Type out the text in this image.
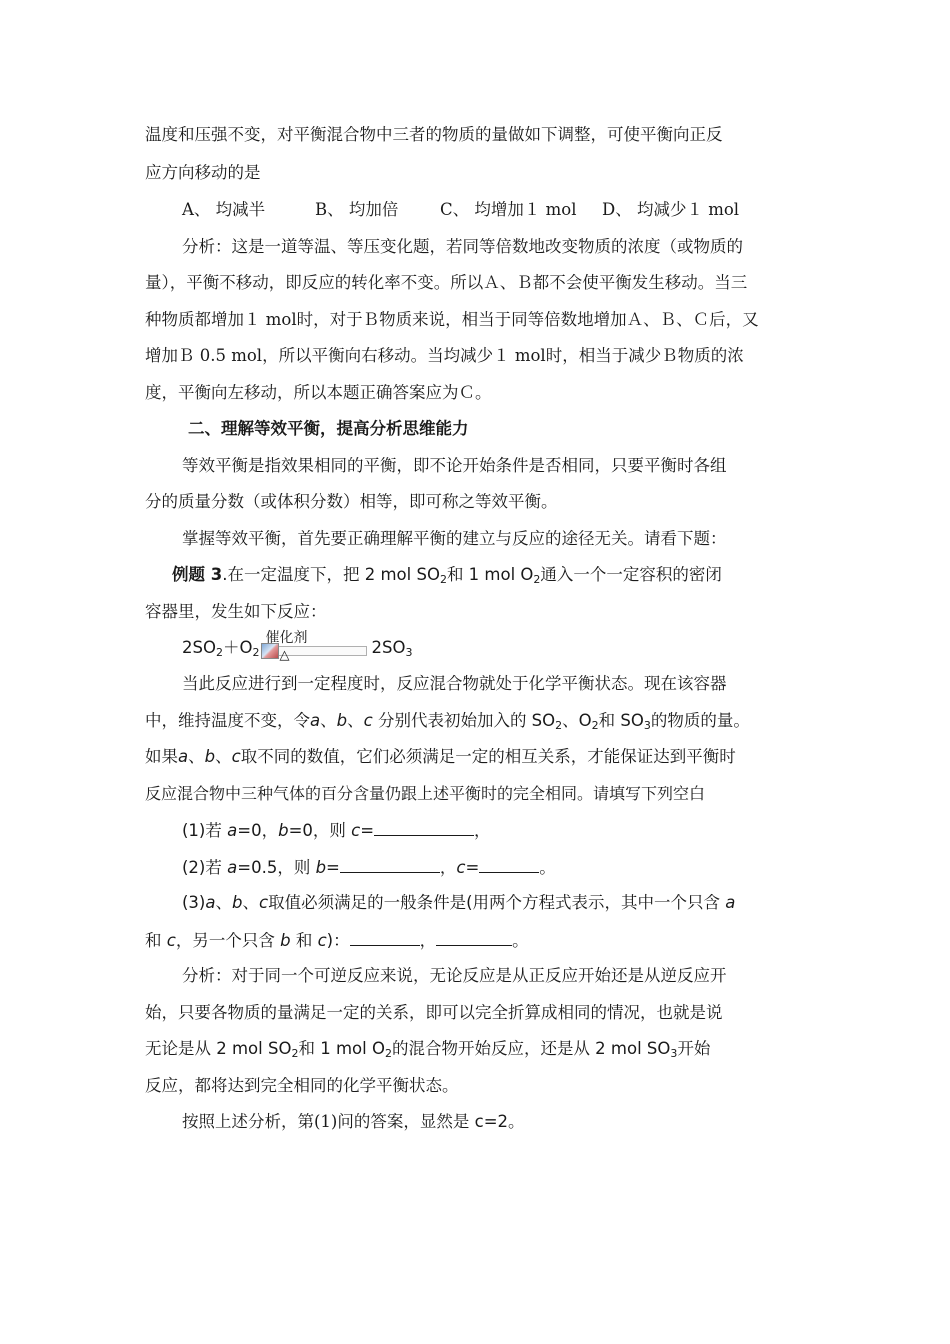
温度和压强不变，对平衡混合物中三者的物质的量做如下调整，可使平衡向正反
应方向移动的是
A、 均减半	B、 均加倍	C、 均增加１ mol D、 均减少１ mol
分析：这是一道等温、等压变化题，若同等倍数地改变物质的浓度（或物质的
量），平衡不移动，即反应的转化率不变。所以Ａ、Ｂ都不会使平衡发生移动。当三
种物质都增加１ mol时，对于Ｂ物质来说，相当于同等倍数地增加Ａ、Ｂ、Ｃ后，又
增加Ｂ 0.5 mol，所以平衡向右移动。当均减少１ mol时，相当于减少Ｂ物质的浓
度，平衡向左移动，所以本题正确答案应为Ｃ。
二、理解等效平衡，提高分析思维能力
等效平衡是指效果相同的平衡，即不论开始条件是否相同，只要平衡时各组
分的质量分数（或体积分数）相等，即可称之等效平衡。
掌握等效平衡，首先要正确理解平衡的建立与反应的途径无关。请看下题：
例题 3.在一定温度下，把 2 mol $SO_2$和 1 mol $O_2$通入一个一定容积的密闭
容器里，发生如下反应：
$2SO_2+O_2$
催化剂
△	$2SO_3$
当此反应进行到一定程度时，反应混合物就处于化学平衡状态。现在该容器
中，维持温度不变，令a、b、c 分别代表初始加入的 $SO_2$、$O_2$和 $SO_3$的物质的量。
如果a、b、c取不同的数值，它们必须满足一定的相互关系，才能保证达到平衡时
反应混合物中三种气体的百分含量仍跟上述平衡时的完全相同。请填写下列空白
(1)若 a=0，b=0，则 c=	，
(2)若 a=0.5，则 b=	，c=	。
(3)a、b、c取值必须满足的一般条件是(用两个方程式表示，其中一个只含 a
和 c，另一个只含 b 和 c)：	，	。
分析：对于同一个可逆反应来说，无论反应是从正反应开始还是从逆反应开
始，只要各物质的量满足一定的关系，即可以完全折算成相同的情况，也就是说
无论是从 2 mol $SO_2$和 1 mol $O_2$的混合物开始反应，还是从 2 mol $SO_3$开始
反应，都将达到完全相同的化学平衡状态。
按照上述分析，第(1)问的答案，显然是 c=2。
